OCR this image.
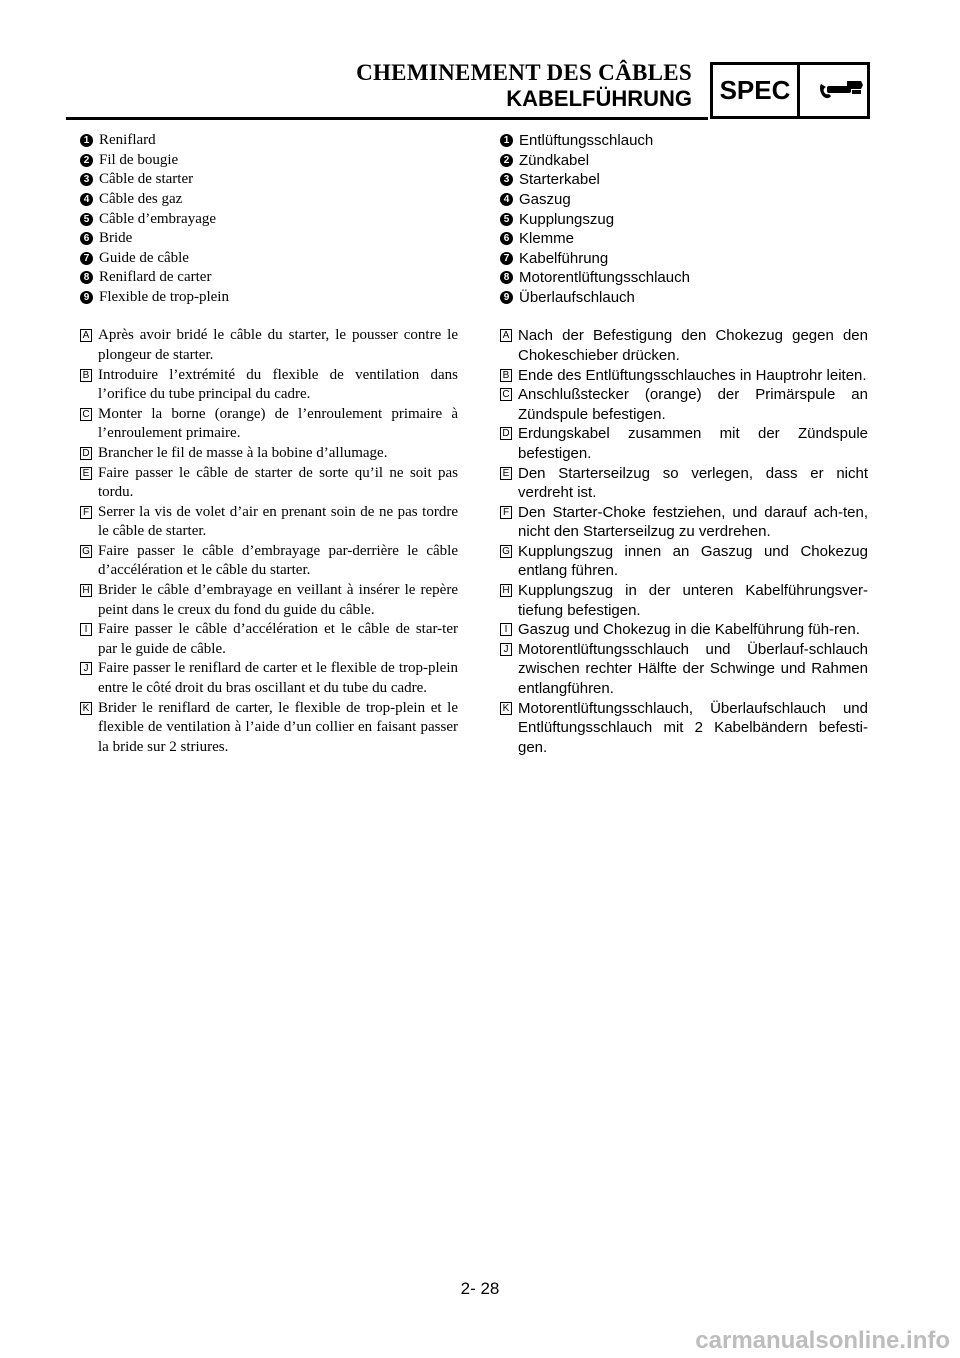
CHEMINEMENT DES CÂBLES
KABELFÜHRUNG SPEC
1 Reniflard
2 Fil de bougie
3 Câble de starter
4 Câble des gaz
5 Câble d’embrayage
6 Bride
7 Guide de câble
8 Reniflard de carter
9 Flexible de trop-plein
A Après avoir bridé le câble du starter, le pousser contre le plongeur de starter.
B Introduire l’extrémité du flexible de ventilation dans l’orifice du tube principal du cadre.
C Monter la borne (orange) de l’enroulement primaire à l’enroulement primaire.
D Brancher le fil de masse à la bobine d’allumage.
E Faire passer le câble de starter de sorte qu’il ne soit pas tordu.
F Serrer la vis de volet d’air en prenant soin de ne pas tordre le câble de starter.
G Faire passer le câble d’embrayage par-derrière le câble d’accélération et le câble du starter.
H Brider le câble d’embrayage en veillant à insérer le repère peint dans le creux du fond du guide du câble.
I Faire passer le câble d’accélération et le câble de star-ter par le guide de câble.
J Faire passer le reniflard de carter et le flexible de trop-plein entre le côté droit du bras oscillant et du tube du cadre.
K Brider le reniflard de carter, le flexible de trop-plein et le flexible de ventilation à l’aide d’un collier en faisant passer la bride sur 2 striures.
1 Entlüftungsschlauch
2 Zündkabel
3 Starterkabel
4 Gaszug
5 Kupplungszug
6 Klemme
7 Kabelführung
8 Motorentlüftungsschlauch
9 Überlaufschlauch
A Nach der Befestigung den Chokezug gegen den Chokeschieber drücken.
B Ende des Entlüftungsschlauches in Hauptrohr leiten.
C Anschlußstecker (orange) der Primärspule an Zündspule befestigen.
D Erdungskabel zusammen mit der Zündspule befestigen.
E Den Starterseilzug so verlegen, dass er nicht verdreht ist.
F Den Starter-Choke festziehen, und darauf ach-ten, nicht den Starterseilzug zu verdrehen.
G Kupplungszug innen an Gaszug und Chokezug entlang führen.
H Kupplungszug in der unteren Kabelführungsver-tiefung befestigen.
I Gaszug und Chokezug in die Kabelführung füh-ren.
J Motorentlüftungsschlauch und Überlauf-schlauch zwischen rechter Hälfte der Schwinge und Rahmen entlangführen.
K Motorentlüftungsschlauch, Überlaufschlauch und Entlüftungsschlauch mit 2 Kabelbändern befesti-gen.
2- 28
carmanualsonline.info
